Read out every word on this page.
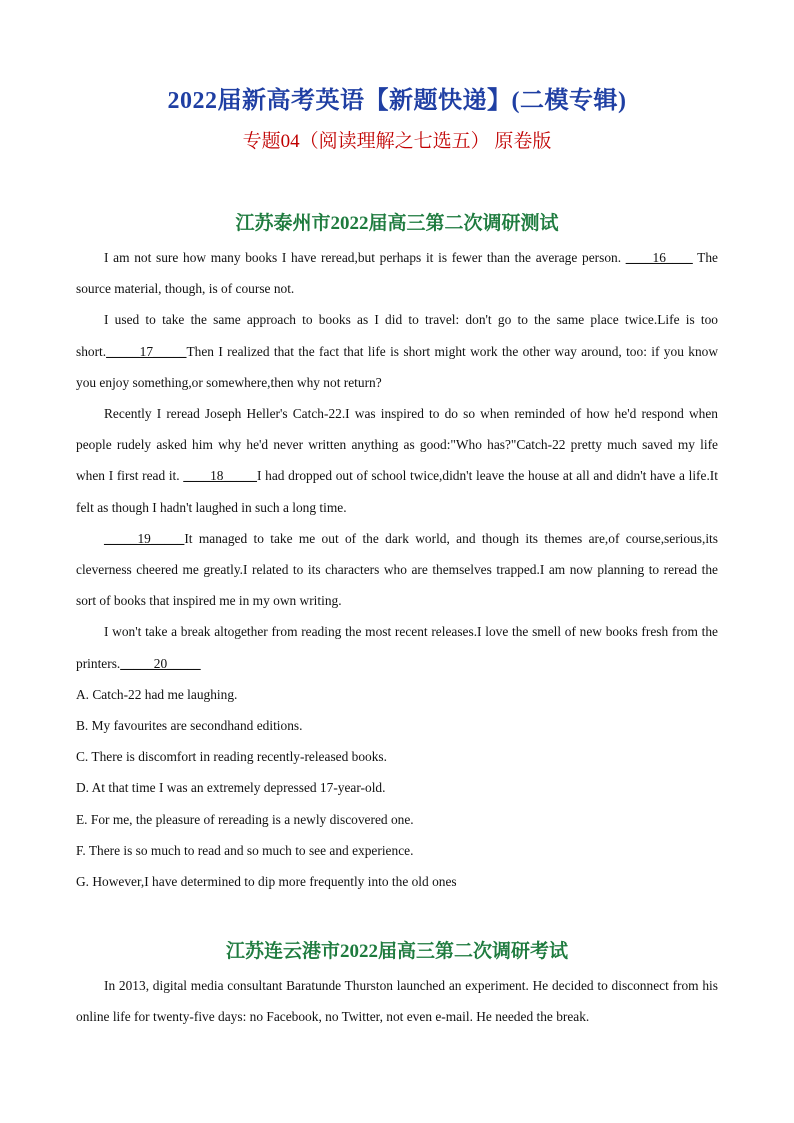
2022届新高考英语【新题快递】(二模专辑)
专题04（阅读理解之七选五） 原卷版
江苏泰州市2022届高三第二次调研测试

I am not sure how many books I have reread,but perhaps it is fewer than the average person. ____16____ The source material, though, is of course not.

I used to take the same approach to books as I did to travel: don't go to the same place twice.Life is too short._____17_____Then I realized that the fact that life is short might work the other way around, too: if you know you enjoy something,or somewhere,then why not return?

Recently I reread Joseph Heller's Catch-22.I was inspired to do so when reminded of how he'd respond when people rudely asked him why he'd never written anything as good:"Who has?"Catch-22 pretty much saved my life when I first read it. ____18_____I had dropped out of school twice,didn't leave the house at all and didn't have a life.It felt as though I hadn't laughed in such a long time.

_____19_____It managed to take me out of the dark world, and though its themes are,of course,serious,its cleverness cheered me greatly.I related to its characters who are themselves trapped.I am now planning to reread the sort of books that inspired me in my own writing.

I won't take a break altogether from reading the most recent releases.I love the smell of new books fresh from the printers._____20_____

A. Catch-22 had me laughing.

B. My favourites are secondhand editions.

C. There is discomfort in reading recently-released books.

D. At that time I was an extremely depressed 17-year-old.

E. For me, the pleasure of rereading is a newly discovered one.

F. There is so much to read and so much to see and experience.

G. However,I have determined to dip more frequently into the old ones

江苏连云港市2022届高三第二次调研考试

In 2013, digital media consultant Baratunde Thurston launched an experiment. He decided to disconnect from his online life for twenty-five days: no Facebook, no Twitter, not even e-mail. He needed the break.
